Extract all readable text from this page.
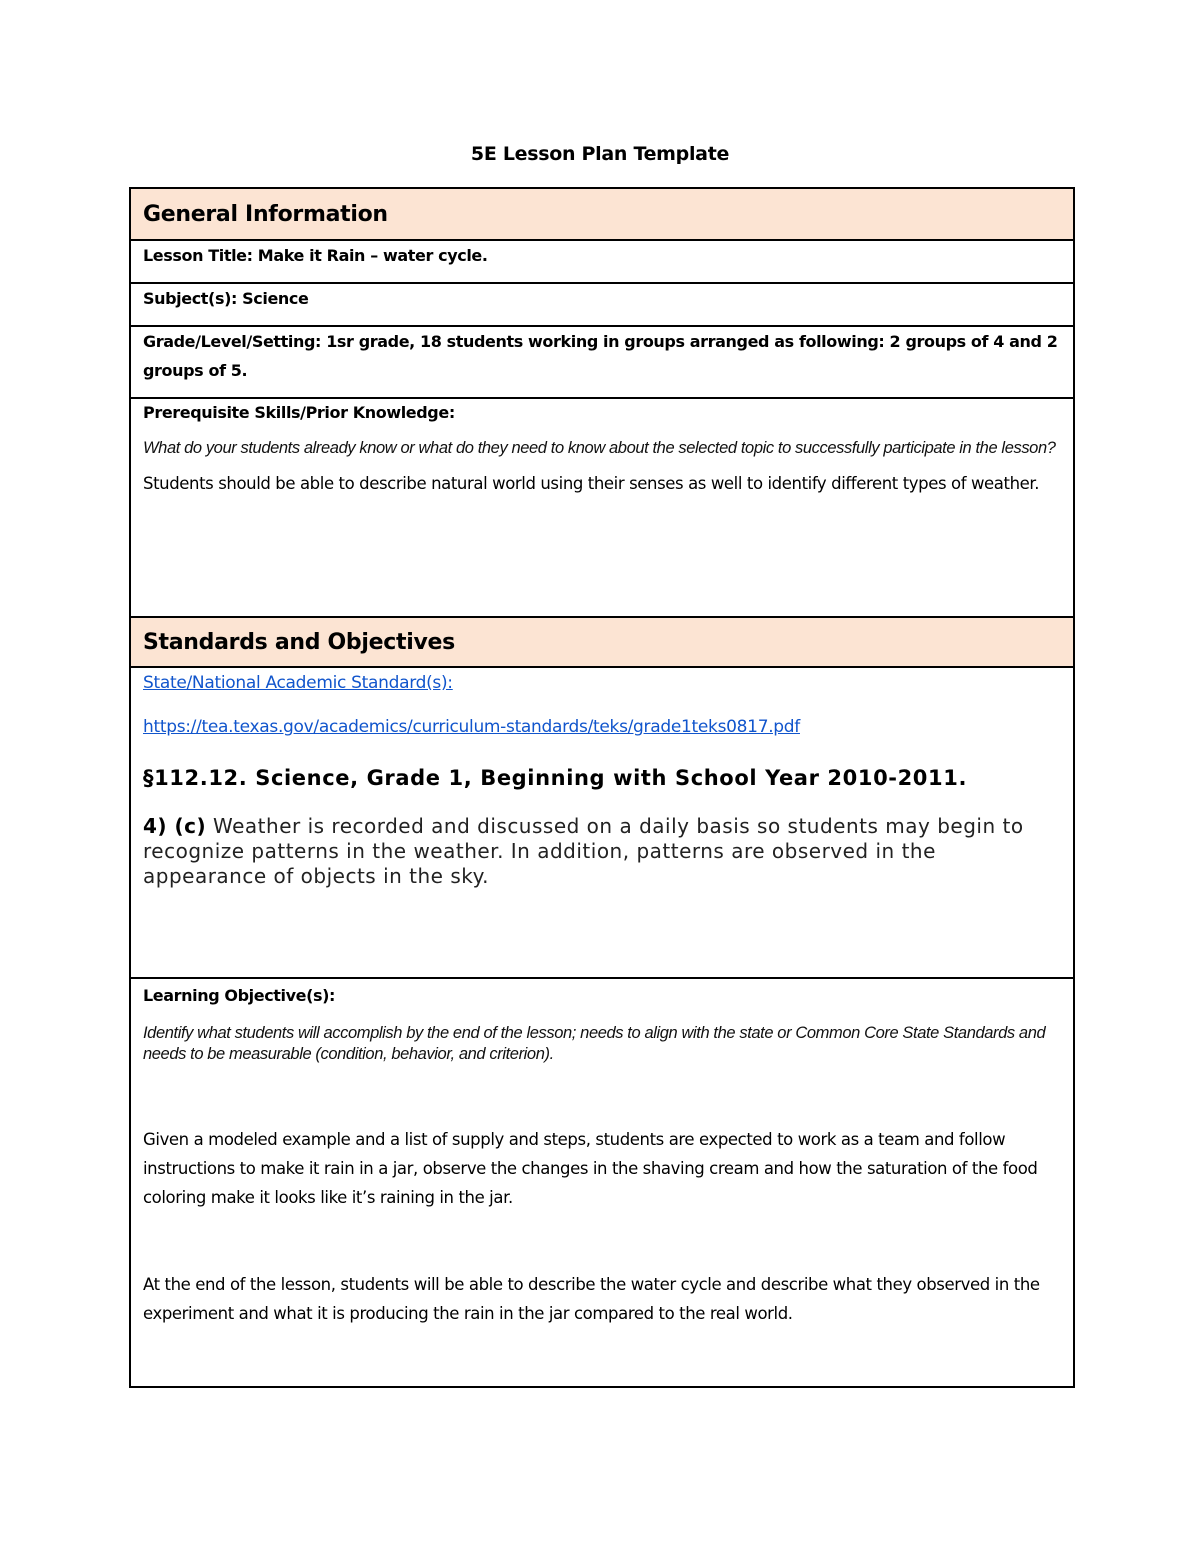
5E Lesson Plan Template
General Information
Lesson Title: Make it Rain – water cycle.
Subject(s): Science
Grade/Level/Setting: 1sr grade, 18 students working in groups arranged as following: 2 groups of 4 and 2 groups of 5.
Prerequisite Skills/Prior Knowledge:
What do your students already know or what do they need to know about the selected topic to successfully participate in the lesson?
Students should be able to describe natural world using their senses as well to identify different types of weather.
Standards and Objectives
State/National Academic Standard(s):
https://tea.texas.gov/academics/curriculum-standards/teks/grade1teks0817.pdf
§112.12. Science, Grade 1, Beginning with School Year 2010-2011.
4) (c) Weather is recorded and discussed on a daily basis so students may begin to recognize patterns in the weather. In addition, patterns are observed in the appearance of objects in the sky.
Learning Objective(s):
Identify what students will accomplish by the end of the lesson; needs to align with the state or Common Core State Standards and needs to be measurable (condition, behavior, and criterion).
Given a modeled example and a list of supply and steps, students are expected to work as a team and follow instructions to make it rain in a jar, observe the changes in the shaving cream and how the saturation of the food coloring make it looks like it’s raining in the jar.
At the end of the lesson, students will be able to describe the water cycle and describe what they observed in the experiment and what it is producing the rain in the jar compared to the real world.
